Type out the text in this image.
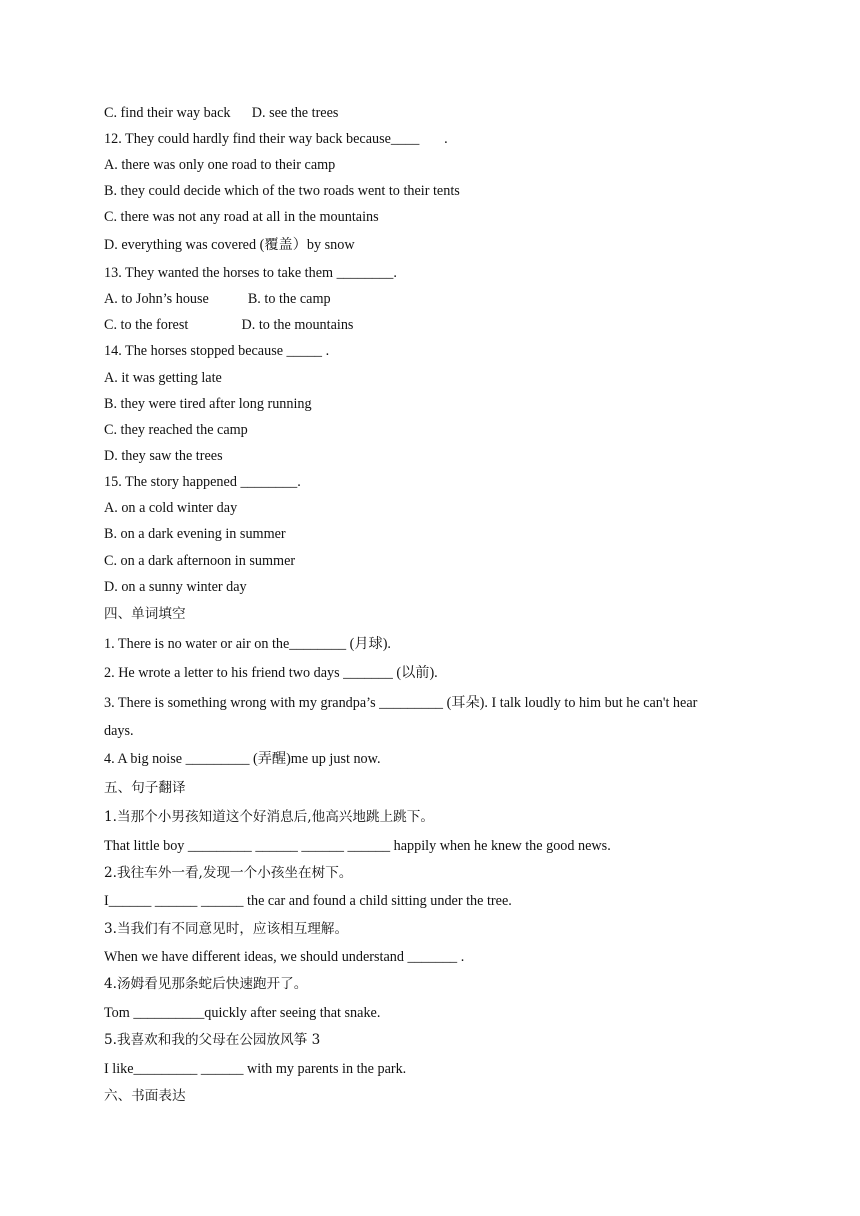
C. find their way back      D. see the trees
12. They could hardly find their way back because____       .
A. there was only one road to their camp
B. they could decide which of the two roads went to their tents
C. there was not any road at all in the mountains
D. everything was covered (覆盖）by snow
13. They wanted the horses to take them ________.
A. to John’s house           B. to the camp
C. to the forest               D. to the mountains
14. The horses stopped because _____ .
A. it was getting late
B. they were tired after long running
C. they reached the camp
D. they saw the trees
15. The story happened ________.
A. on a cold winter day
B. on a dark evening in summer
C. on a dark afternoon in summer
D. on a sunny winter day
四、单词填空
1. There is no water or air on the________ (月球).
2. He wrote a letter to his friend two days _______ (以前).
3. There is something wrong with my grandpa’s _________ (耳朵). I talk loudly to him but he can't hear
days.
4. A big noise _________ (弄醒)me up just now.
五、句子翻译
1.当那个小男孩知道这个好消息后,他高兴地跳上跳下。
That little boy _________ ______ ______ ______ happily when he knew the good news.
2.我往车外一看,发现一个小孩坐在树下。
I______ ______ ______ the car and found a child sitting under the tree.
3.当我们有不同意见时，应该相互理解。
When we have different ideas, we should understand _______ .
4.汤姆看见那条蛇后快速跑开了。
Tom __________quickly after seeing that snake.
5.我喜欢和我的父母在公园放风筝 3
I like_________ ______ with my parents in the park.
六、书面表达
